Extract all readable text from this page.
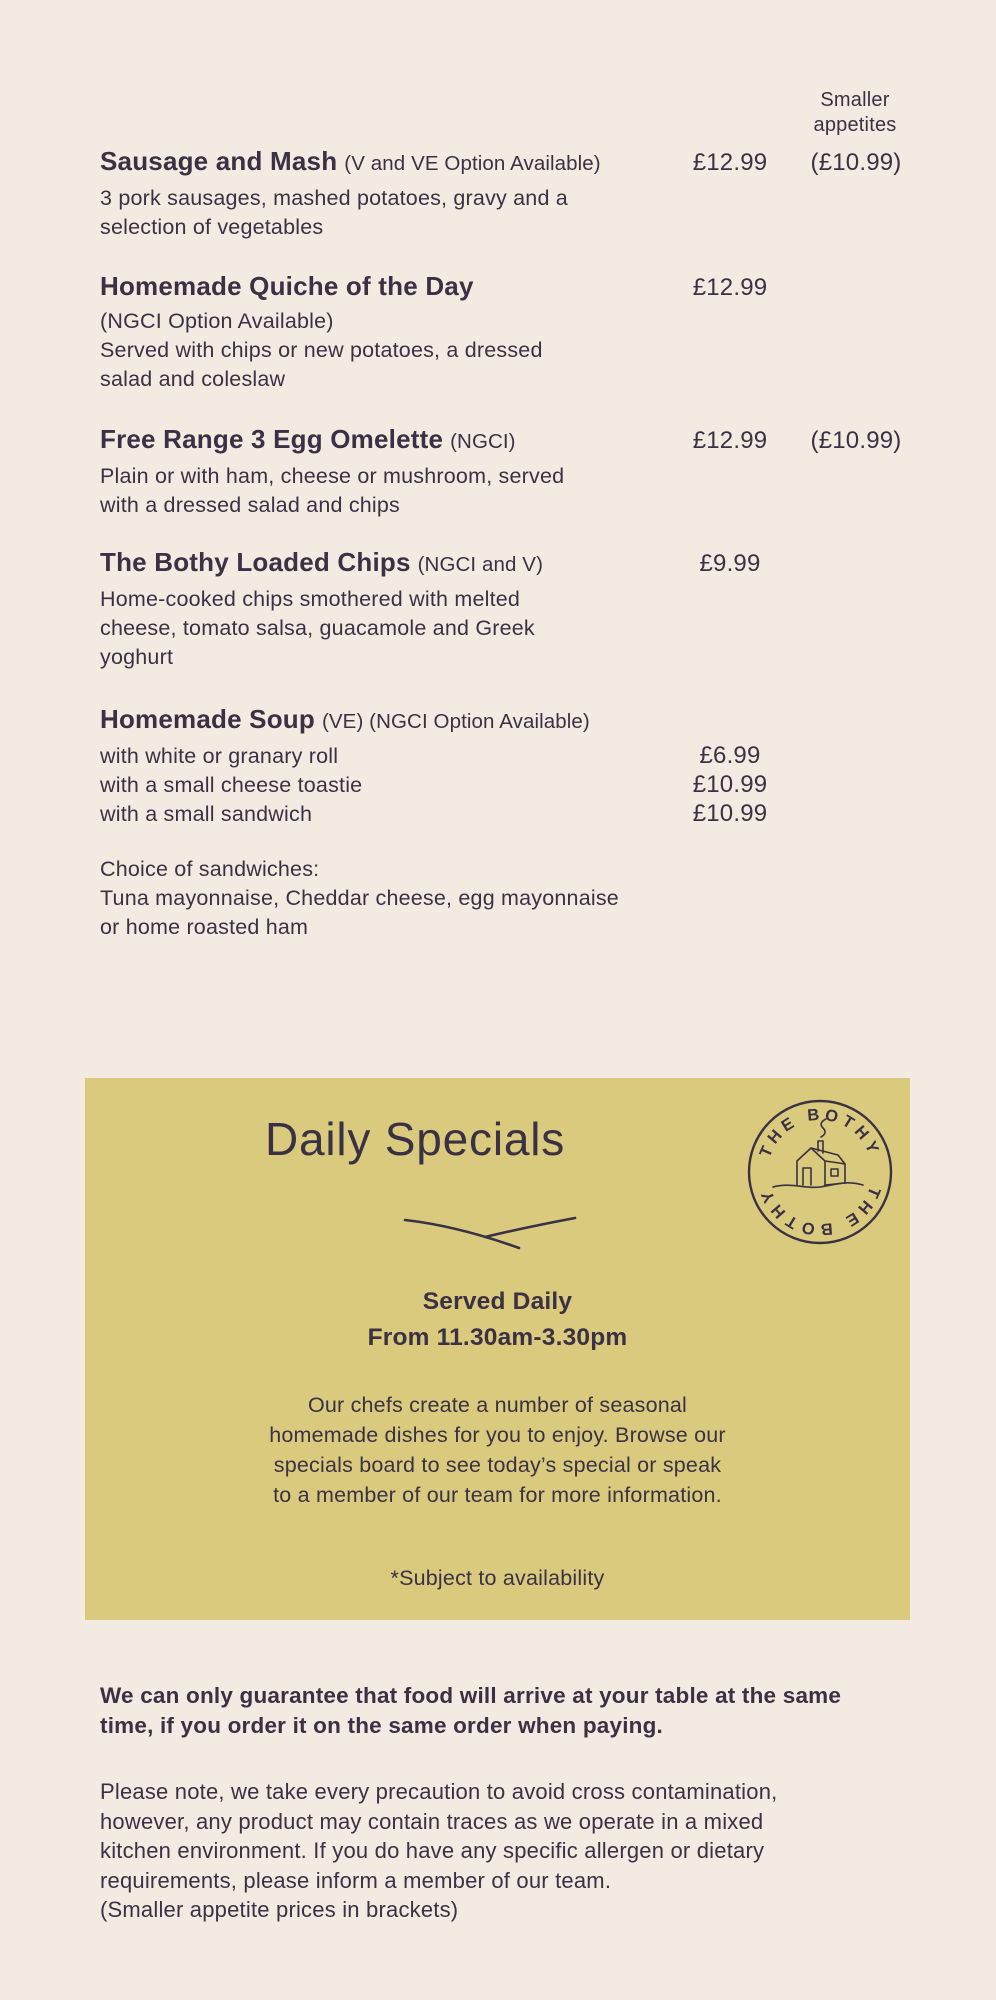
Smaller
appetites
Sausage and Mash (V and VE Option Available)	£12.99	(£10.99)
3 pork sausages, mashed potatoes, gravy and a
selection of vegetables
Homemade Quiche of the Day	£12.99
(NGCI Option Available)
Served with chips or new potatoes, a dressed
salad and coleslaw
Free Range 3 Egg Omelette (NGCI)	£12.99	(£10.99)
Plain or with ham, cheese or mushroom, served
with a dressed salad and chips
The Bothy Loaded Chips (NGCI and V)	£9.99
Home-cooked chips smothered with melted
cheese, tomato salsa, guacamole and Greek
yoghurt
Homemade Soup (VE) (NGCI Option Available)
with white or granary roll	£6.99
with a small cheese toastie	£10.99
with a small sandwich	£10.99
Choice of sandwiches:
Tuna mayonnaise, Cheddar cheese, egg mayonnaise
or home roasted ham
Daily Specials	THE BOTHY
THE BOTHY
Served Daily
From 11.30am-3.30pm
Our chefs create a number of seasonal
homemade dishes for you to enjoy. Browse our
specials board to see today’s special or speak
to a member of our team for more information.
*Subject to availability
We can only guarantee that food will arrive at your table at the same
time, if you order it on the same order when paying.
Please note, we take every precaution to avoid cross contamination,
however, any product may contain traces as we operate in a mixed
kitchen environment. If you do have any specific allergen or dietary
requirements, please inform a member of our team.
(Smaller appetite prices in brackets)
